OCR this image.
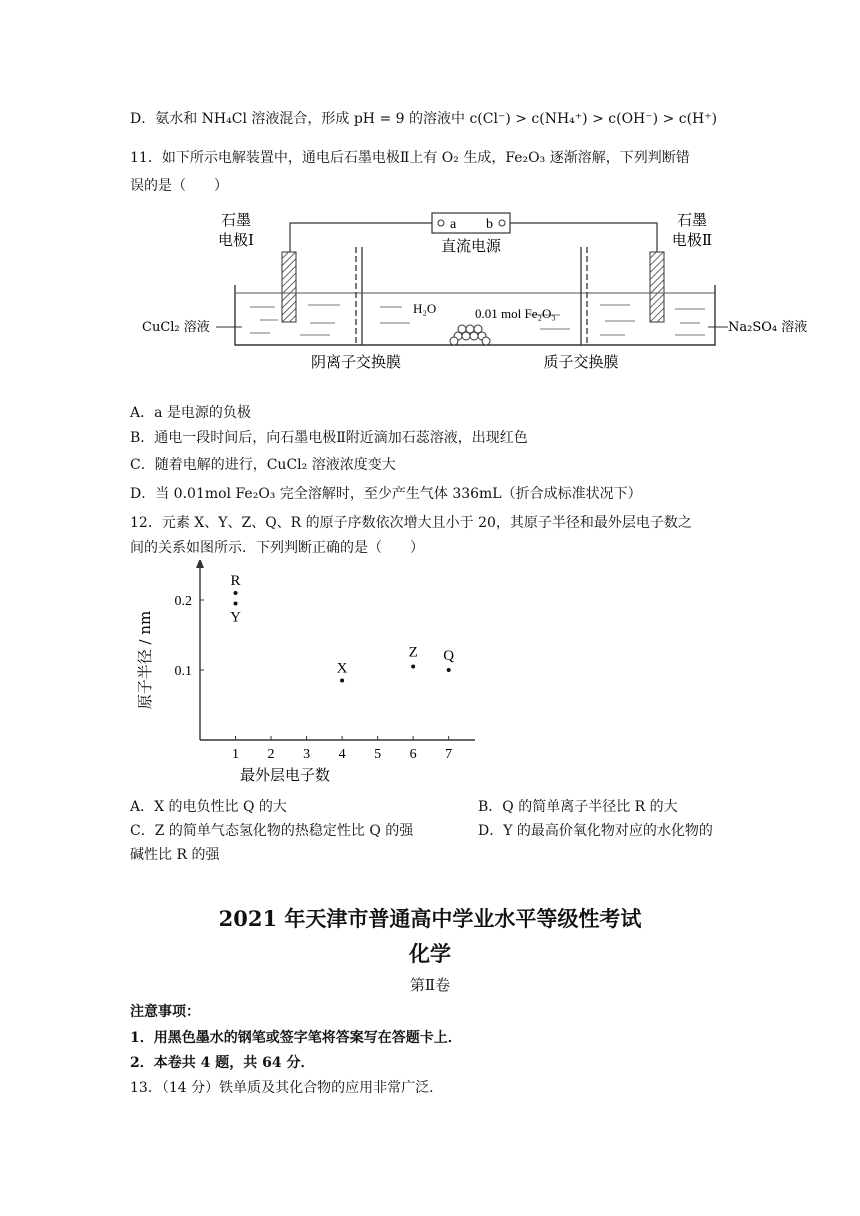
D．氨水和 NH₄Cl 溶液混合，形成 pH = 9 的溶液中 c(Cl⁻) > c(NH₄⁺) > c(OH⁻) > c(H⁺)
11．如下所示电解装置中，通电后石墨电极Ⅱ上有 O₂ 生成，Fe₂O₃ 逐渐溶解，下列判断错
误的是（　　）
a b
直流电源
石墨
电极Ⅰ
石墨
电极Ⅱ
H₂O	0.01 mol Fe₂O₃
CuCl₂ 溶液	Na₂SO₄ 溶液
阴离子交换膜	质子交换膜
A．a 是电源的负极
B．通电一段时间后，向石墨电极Ⅱ附近滴加石蕊溶液，出现红色
C．随着电解的进行，CuCl₂ 溶液浓度变大
D．当 0.01mol Fe₂O₃ 完全溶解时，至少产生气体 336mL（折合成标准状况下）
12．元素 X、Y、Z、Q、R 的原子序数依次增大且小于 20，其原子半径和最外层电子数之
间的关系如图所示．下列判断正确的是（　　）
1 2 3 4 5 6 7
0.1
0.2
最外层电子数
原子半径 / nm
R
Y
X
Z Q
A．X 的电负性比 Q 的大	B．Q 的简单离子半径比 R 的大
C．Z 的简单气态氢化物的热稳定性比 Q 的强	D．Y 的最高价氧化物对应的水化物的
碱性比 R 的强
2021 年天津市普通高中学业水平等级性考试
化学
第Ⅱ卷
注意事项：
1．用黑色墨水的钢笔或签字笔将答案写在答题卡上．
2．本卷共 4 题，共 64 分．
13．（14 分）铁单质及其化合物的应用非常广泛．
